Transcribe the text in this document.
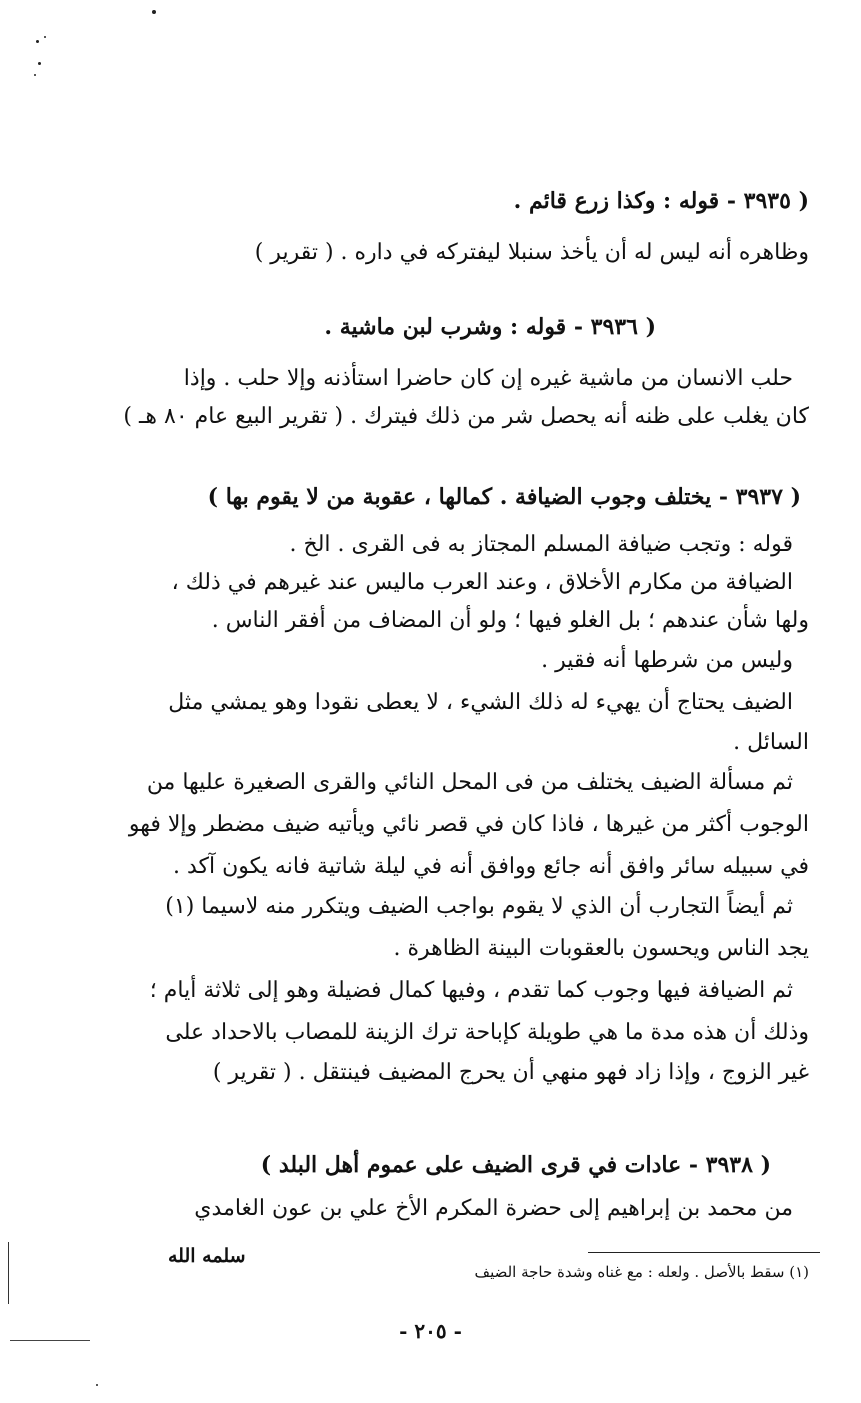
( ٣٩٣٥ - قوله : وكذا زرع قائم .
وظاهره أنه ليس له أن يأخذ سنبلا ليفتركه في داره . ( تقرير )
( ٣٩٣٦ - قوله : وشرب لبن ماشية .
حلب الانسان من ماشية غيره إن كان حاضرا استأذنه وإلا حلب . وإذا
كان يغلب على ظنه أنه يحصل شر من ذلك فيترك . ( تقرير البيع عام ٨٠ هـ )
( ٣٩٣٧ - يختلف وجوب الضيافة . كمالها ، عقوبة من لا يقوم بها )
قوله : وتجب ضيافة المسلم المجتاز به فى القرى . الخ .
الضيافة من مكارم الأخلاق ، وعند العرب ماليس عند غيرهم في ذلك ،
ولها شأن عندهم ؛ بل الغلو فيها ؛ ولو أن المضاف من أفقر الناس .
وليس من شرطها أنه فقير .
الضيف يحتاج أن يهيء له ذلك الشيء ، لا يعطى نقودا وهو يمشي مثل
السائل .
ثم مسألة الضيف يختلف من فى المحل النائي والقرى الصغيرة عليها من
الوجوب أكثر من غيرها ، فاذا كان في قصر نائي ويأتيه ضيف مضطر وإلا فهو
في سبيله سائر وافق أنه جائع ووافق أنه في ليلة شاتية فانه يكون آكد .
ثم أيضاً التجارب أن الذي لا يقوم بواجب الضيف ويتكرر منه لاسيما (١)
يجد الناس ويحسون بالعقوبات البينة الظاهرة .
ثم الضيافة فيها وجوب كما تقدم ، وفيها كمال فضيلة وهو إلى ثلاثة أيام ؛
وذلك أن هذه مدة ما هي طويلة كإباحة ترك الزينة للمصاب بالاحداد على
غير الزوج ، وإذا زاد فهو منهي أن يحرج المضيف فينتقل . ( تقرير )
( ٣٩٣٨ - عادات في قرى الضيف على عموم أهل البلد )
من محمد بن إبراهيم إلى حضرة المكرم الأخ علي بن عون الغامدي
سلمه الله
(١) سقط بالأصل . ولعله : مع غناه وشدة حاجة الضيف
- ٢٠٥ -
